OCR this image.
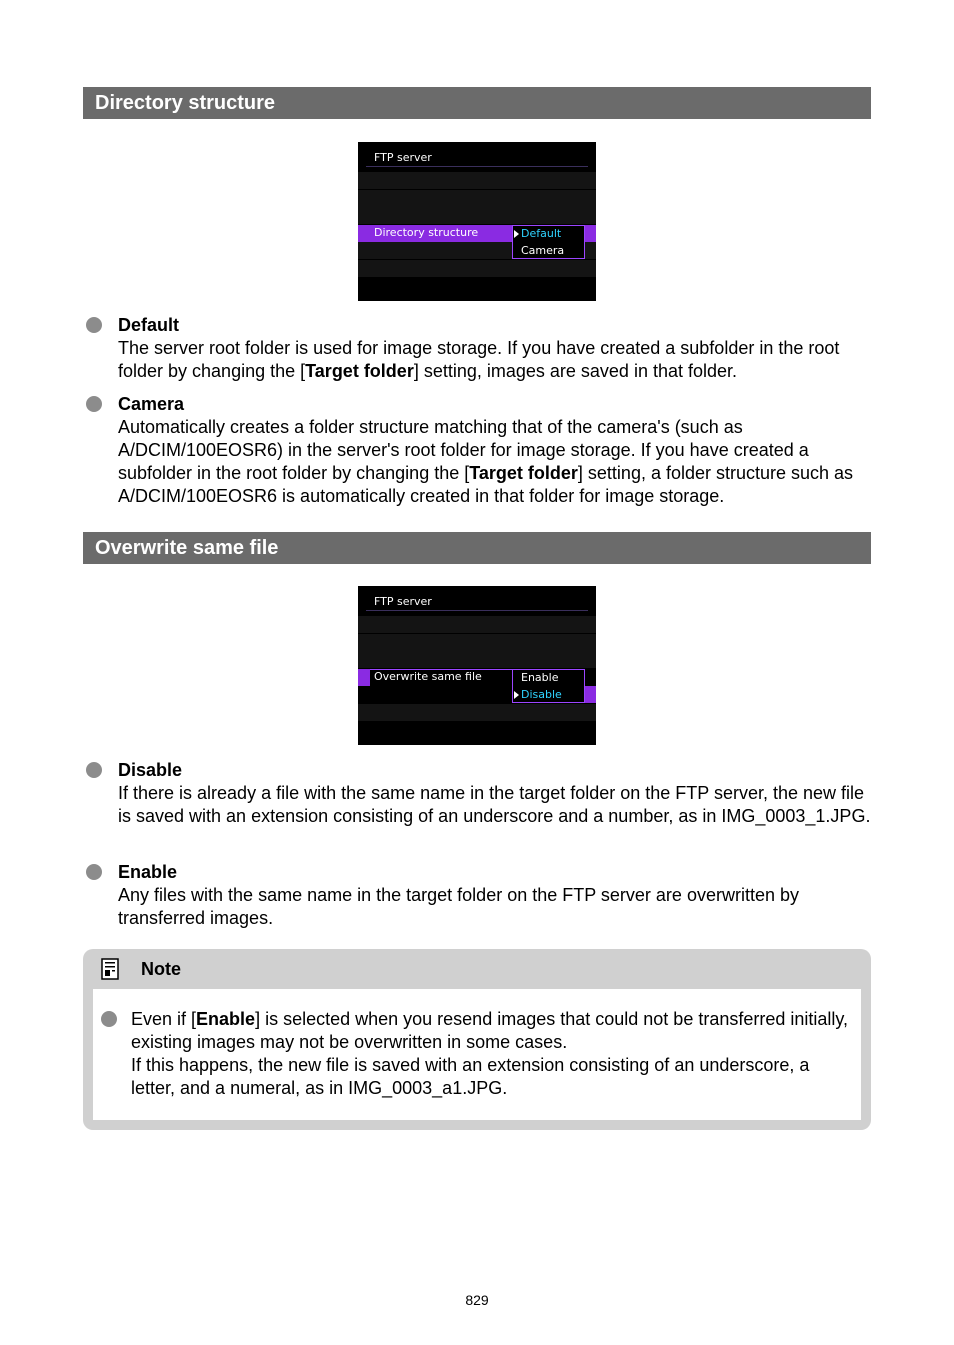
Directory structure
FTP server
Directory structure	Default
Camera
Default
The server root folder is used for image storage. If you have created a subfolder in the root folder by changing the [Target folder] setting, images are saved in that folder.
Camera
Automatically creates a folder structure matching that of the camera's (such as A/DCIM/100EOSR6) in the server's root folder for image storage. If you have created a subfolder in the root folder by changing the [Target folder] setting, a folder structure such as A/DCIM/100EOSR6 is automatically created in that folder for image storage.
Overwrite same file
FTP server
Overwrite same file	Enable
Disable
Disable
If there is already a file with the same name in the target folder on the FTP server, the new file is saved with an extension consisting of an underscore and a number, as in IMG_0003_1.JPG.
Enable
Any files with the same name in the target folder on the FTP server are overwritten by transferred images.
Note
Even if [Enable] is selected when you resend images that could not be transferred initially, existing images may not be overwritten in some cases.
If this happens, the new file is saved with an extension consisting of an underscore, a letter, and a numeral, as in IMG_0003_a1.JPG.
829
